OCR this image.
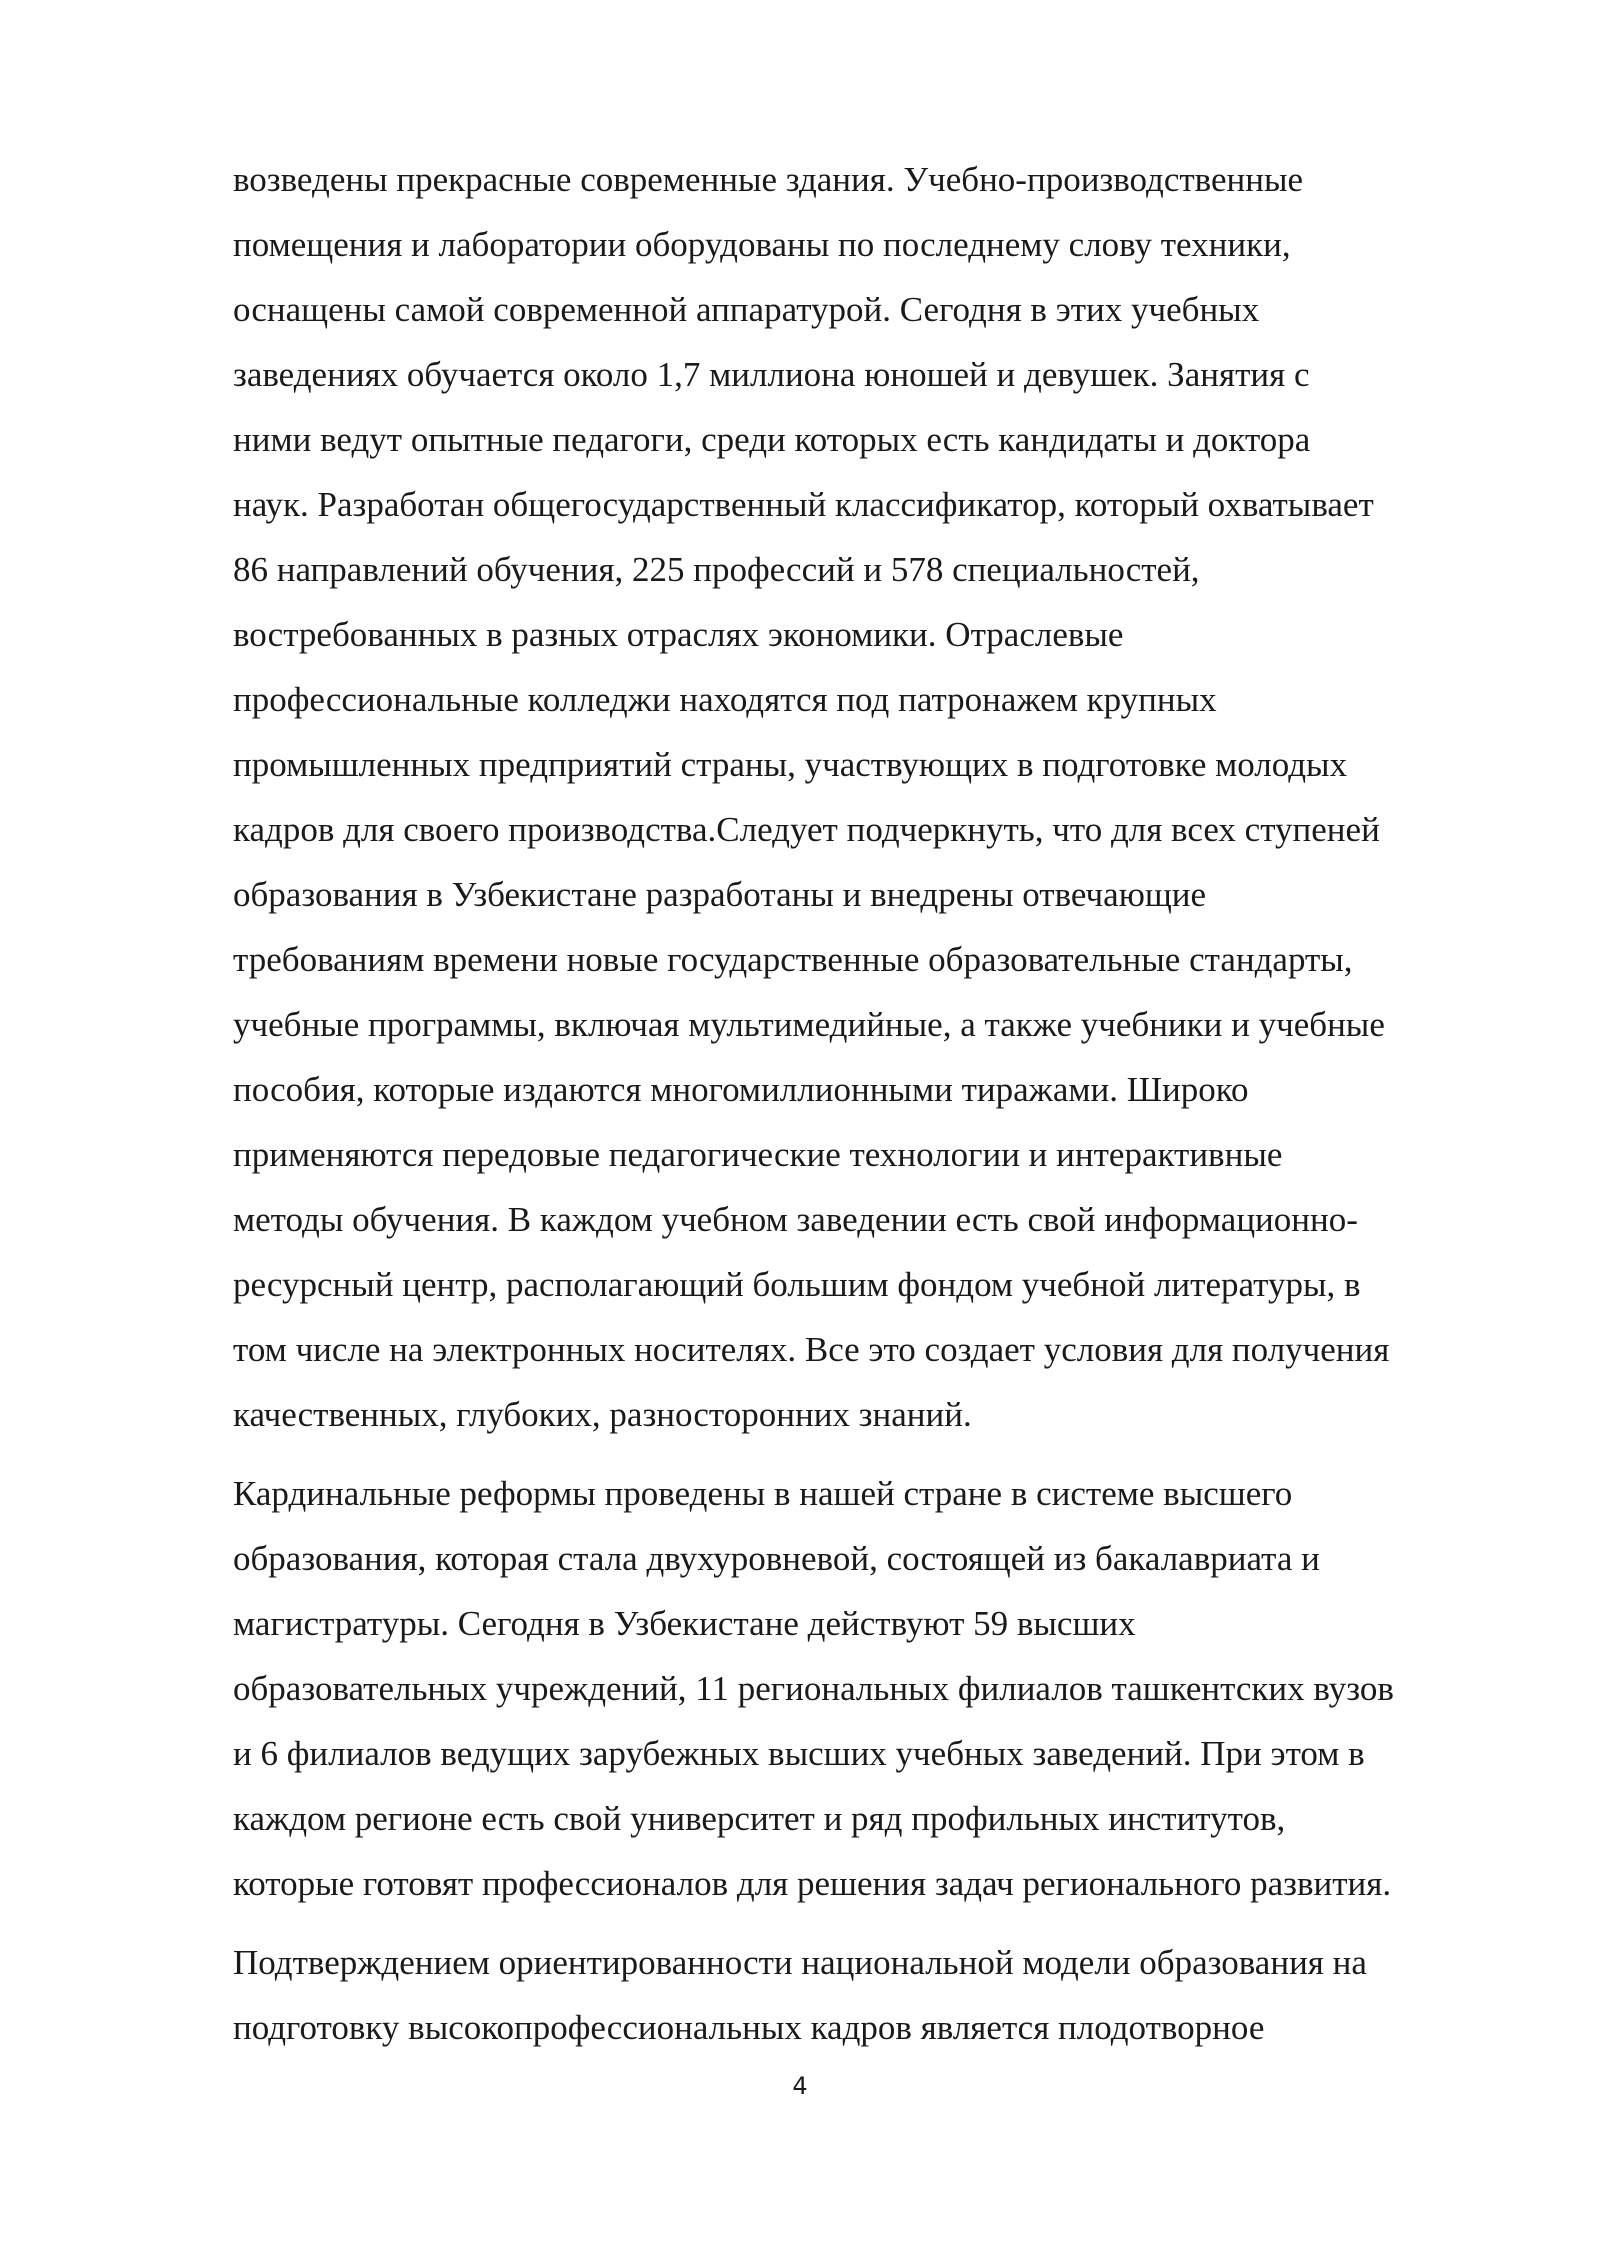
возведены прекрасные современные здания. Учебно-производственные
помещения и лаборатории оборудованы по последнему слову техники,
оснащены самой современной аппаратурой. Сегодня в этих учебных
заведениях обучается около 1,7 миллиона юношей и девушек. Занятия с
ними ведут опытные педагоги, среди которых есть кандидаты и доктора
наук. Разработан общегосударственный классификатор, который охватывает
86 направлений обучения, 225 профессий и 578 специальностей,
востребованных в разных отраслях экономики. Отраслевые
профессиональные колледжи находятся под патронажем крупных
промышленных предприятий страны, участвующих в подготовке молодых
кадров для своего производства.Следует подчеркнуть, что для всех ступеней
образования в Узбекистане разработаны и внедрены отвечающие
требованиям времени новые государственные образовательные стандарты,
учебные программы, включая мультимедийные, а также учебники и учебные
пособия, которые издаются многомиллионными тиражами. Широко
применяются передовые педагогические технологии и интерактивные
методы обучения. В каждом учебном заведении есть свой информационно-
ресурсный центр, располагающий большим фондом учебной литературы, в
том числе на электронных носителях. Все это создает условия для получения
качественных, глубоких, разносторонних знаний.
Кардинальные реформы проведены в нашей стране в системе высшего
образования, которая стала двухуровневой, состоящей из бакалавриата и
магистратуры. Сегодня в Узбекистане действуют 59 высших
образовательных учреждений, 11 региональных филиалов ташкентских вузов
и 6 филиалов ведущих зарубежных высших учебных заведений. При этом в
каждом регионе есть свой университет и ряд профильных институтов,
которые готовят профессионалов для решения задач регионального развития.
Подтверждением ориентированности национальной модели образования на
подготовку высокопрофессиональных кадров является плодотворное
4
